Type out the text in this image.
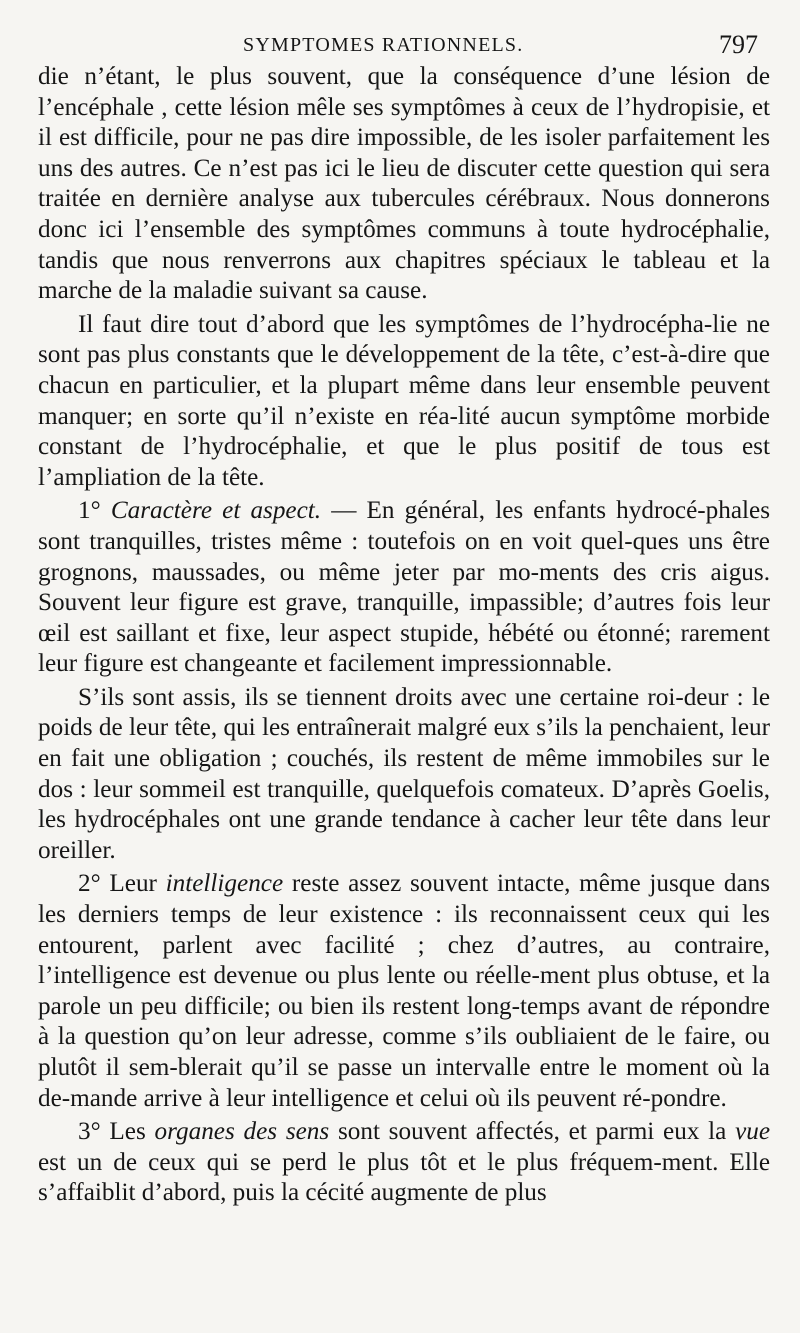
SYMPTOMES RATIONNELS.	797

die n’étant, le plus souvent, que la conséquence d’une lésion de l’encéphale , cette lésion mêle ses symptômes à ceux de l’hydropisie, et il est difficile, pour ne pas dire impossible, de les isoler parfaitement les uns des autres. Ce n’est pas ici le lieu de discuter cette question qui sera traitée en dernière analyse aux tubercules cérébraux. Nous donnerons donc ici l’ensemble des symptômes communs à toute hydrocéphalie, tandis que nous renverrons aux chapitres spéciaux le tableau et la marche de la maladie suivant sa cause.

Il faut dire tout d’abord que les symptômes de l’hydrocépha-lie ne sont pas plus constants que le développement de la tête, c’est-à-dire que chacun en particulier, et la plupart même dans leur ensemble peuvent manquer; en sorte qu’il n’existe en réa-lité aucun symptôme morbide constant de l’hydrocéphalie, et que le plus positif de tous est l’ampliation de la tête.

1° Caractère et aspect. — En général, les enfants hydrocé-phales sont tranquilles, tristes même : toutefois on en voit quel-ques uns être grognons, maussades, ou même jeter par mo-ments des cris aigus. Souvent leur figure est grave, tranquille, impassible; d’autres fois leur œil est saillant et fixe, leur aspect stupide, hébété ou étonné; rarement leur figure est changeante et facilement impressionnable.

S’ils sont assis, ils se tiennent droits avec une certaine roi-deur : le poids de leur tête, qui les entraînerait malgré eux s’ils la penchaient, leur en fait une obligation ; couchés, ils restent de même immobiles sur le dos : leur sommeil est tranquille, quelquefois comateux. D’après Goelis, les hydrocéphales ont une grande tendance à cacher leur tête dans leur oreiller.

2° Leur intelligence reste assez souvent intacte, même jusque dans les derniers temps de leur existence : ils reconnaissent ceux qui les entourent, parlent avec facilité ; chez d’autres, au contraire, l’intelligence est devenue ou plus lente ou réelle-ment plus obtuse, et la parole un peu difficile; ou bien ils restent long-temps avant de répondre à la question qu’on leur adresse, comme s’ils oubliaient de le faire, ou plutôt il sem-blerait qu’il se passe un intervalle entre le moment où la de-mande arrive à leur intelligence et celui où ils peuvent ré-pondre.

3° Les organes des sens sont souvent affectés, et parmi eux la vue est un de ceux qui se perd le plus tôt et le plus fréquem-ment. Elle s’affaiblit d’abord, puis la cécité augmente de plus
